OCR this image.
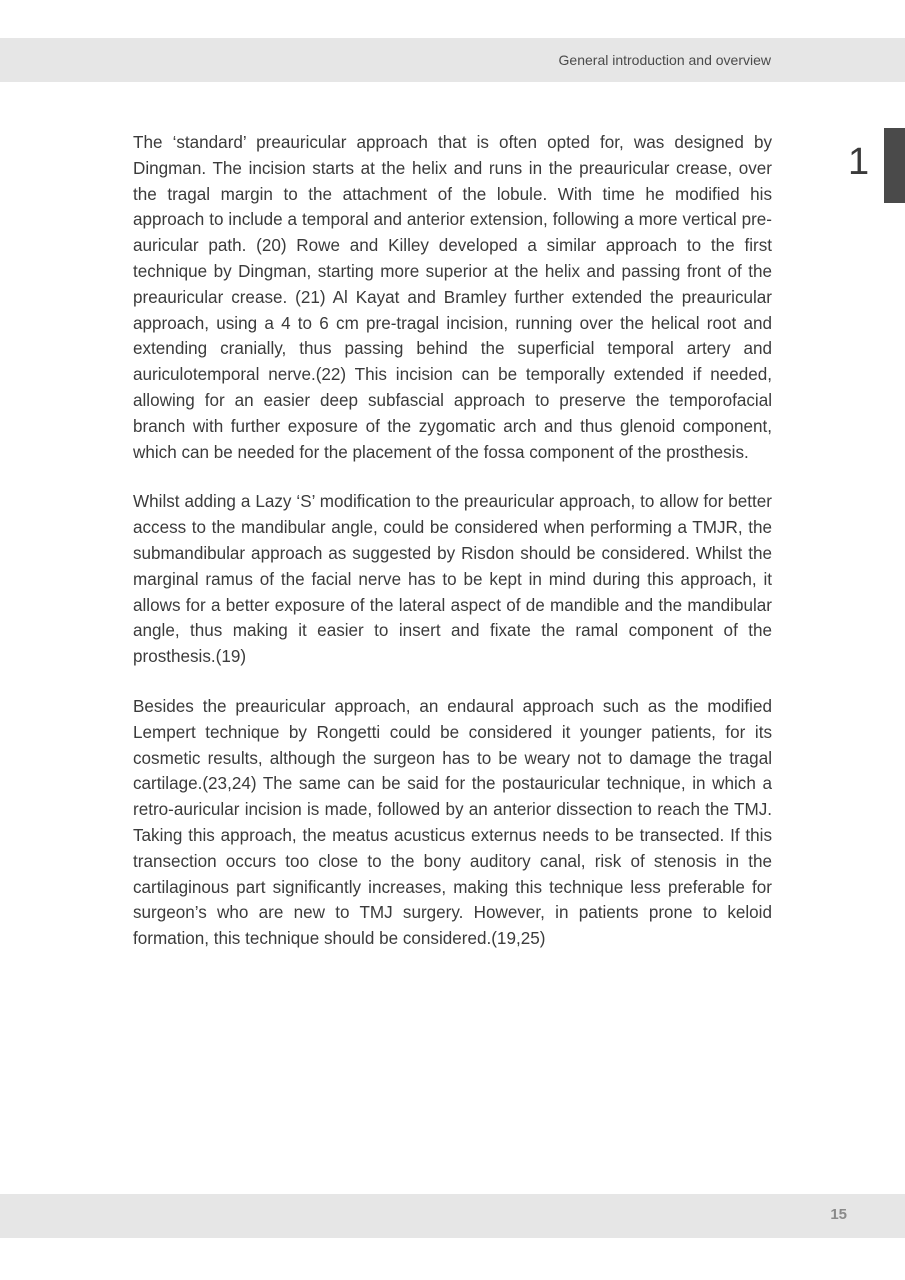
General introduction and overview
1

The ‘standard’ preauricular approach that is often opted for, was designed by Dingman. The incision starts at the helix and runs in the preauricular crease, over the tragal margin to the attachment of the lobule. With time he modified his approach to include a temporal and anterior extension, following a more vertical pre-auricular path. (20) Rowe and Killey developed a similar approach to the first technique by Dingman, starting more superior at the helix and passing front of the preauricular crease. (21) Al Kayat and Bramley further extended the preauricular approach, using a 4 to 6 cm pre-tragal incision, running over the helical root and extending cranially, thus passing behind the superficial temporal artery and auriculotemporal nerve.(22) This incision can be temporally extended if needed, allowing for an easier deep subfascial approach to preserve the temporofacial branch with further exposure of the zygomatic arch and thus glenoid component, which can be needed for the placement of the fossa component of the prosthesis.

Whilst adding a Lazy ‘S’ modification to the preauricular approach, to allow for better access to the mandibular angle, could be considered when performing a TMJR, the submandibular approach as suggested by Risdon should be considered. Whilst the marginal ramus of the facial nerve has to be kept in mind during this approach, it allows for a better exposure of the lateral aspect of de mandible and the mandibular angle, thus making it easier to insert and fixate the ramal component of the prosthesis.(19)

Besides the preauricular approach, an endaural approach such as the modified Lempert technique by Rongetti could be considered it younger patients, for its cosmetic results, although the surgeon has to be weary not to damage the tragal cartilage.(23,24) The same can be said for the postauricular technique, in which a retro-auricular incision is made, followed by an anterior dissection to reach the TMJ. Taking this approach, the meatus acusticus externus needs to be transected. If this transection occurs too close to the bony auditory canal, risk of stenosis in the cartilaginous part significantly increases, making this technique less preferable for surgeon’s who are new to TMJ surgery. However, in patients prone to keloid formation, this technique should be considered.(19,25)

15
